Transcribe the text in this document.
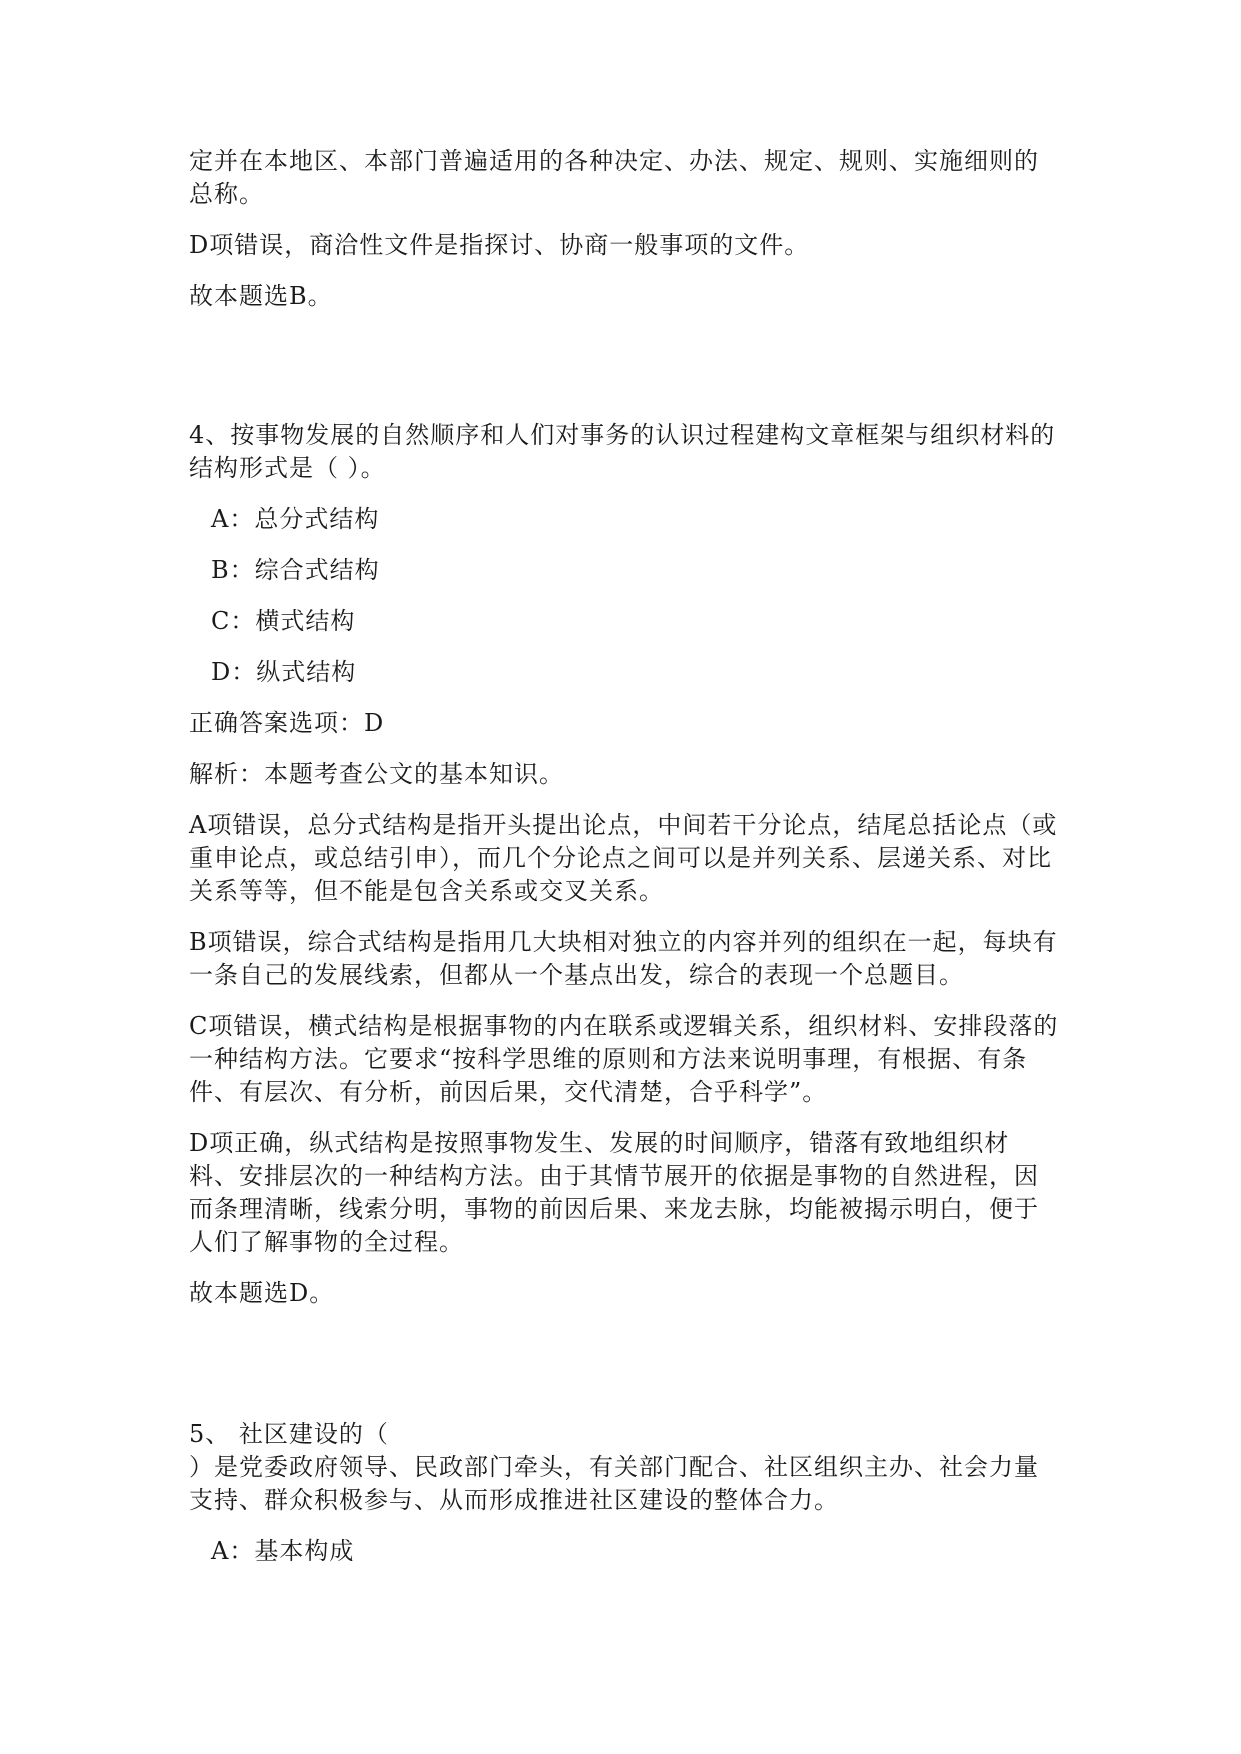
定并在本地区、本部门普遍适用的各种决定、办法、规定、规则、实施细则的总称。

D项错误，商洽性文件是指探讨、协商一般事项的文件。

故本题选B。

4、按事物发展的自然顺序和人们对事务的认识过程建构文章框架与组织材料的结构形式是（ ）。

A：总分式结构

B：综合式结构

C：横式结构

D：纵式结构

正确答案选项：D

解析：本题考查公文的基本知识。

A项错误，总分式结构是指开头提出论点，中间若干分论点，结尾总括论点（或重申论点，或总结引申），而几个分论点之间可以是并列关系、层递关系、对比关系等等，但不能是包含关系或交叉关系。

B项错误，综合式结构是指用几大块相对独立的内容并列的组织在一起，每块有一条自己的发展线索，但都从一个基点出发，综合的表现一个总题目。

C项错误，横式结构是根据事物的内在联系或逻辑关系，组织材料、安排段落的一种结构方法。它要求“按科学思维的原则和方法来说明事理，有根据、有条件、有层次、有分析，前因后果，交代清楚，合乎科学”。

D项正确，纵式结构是按照事物发生、发展的时间顺序，错落有致地组织材料、安排层次的一种结构方法。由于其情节展开的依据是事物的自然进程，因而条理清晰，线索分明，事物的前因后果、来龙去脉，均能被揭示明白，便于人们了解事物的全过程。

故本题选D。

5、 社区建设的（
）是党委政府领导、民政部门牵头，有关部门配合、社区组织主办、社会力量支持、群众积极参与、从而形成推进社区建设的整体合力。

A：基本构成
